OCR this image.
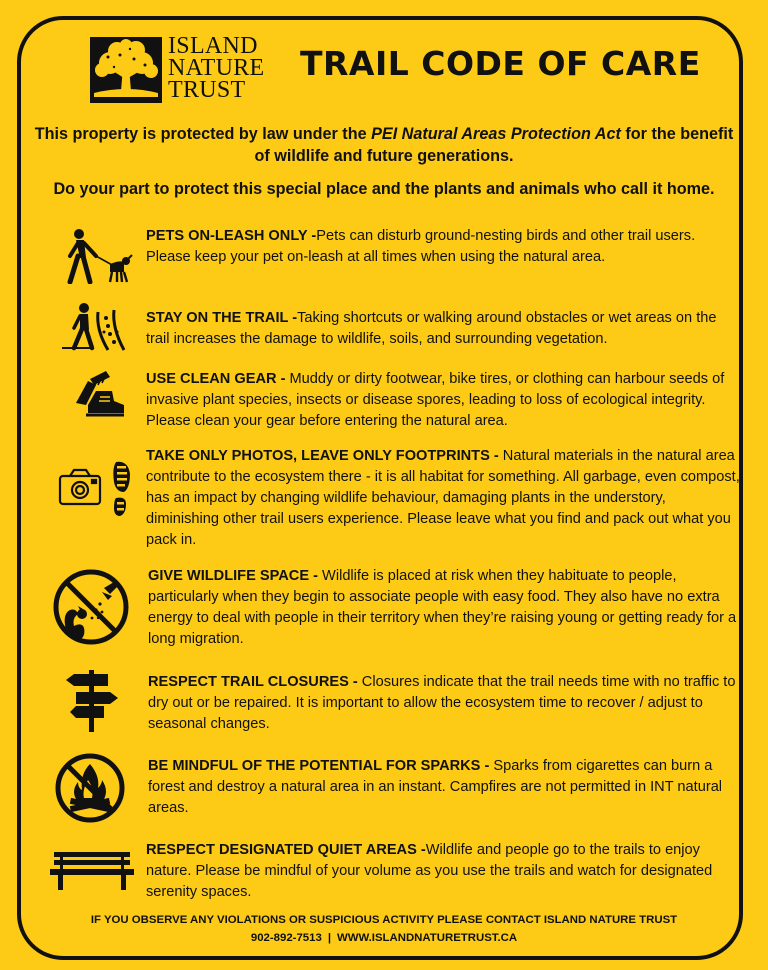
ISLAND
NATURE
TRUST
TRAIL CODE OF CARE
This property is protected by law under the PEI Natural Areas Protection Act for the benefit of wildlife and future generations.
Do your part to protect this special place and the plants and animals who call it home.
PETS ON-LEASH ONLY -Pets can disturb ground-nesting birds and other trail users. Please keep your pet on-leash at all times when using the natural area.
STAY ON THE TRAIL -Taking shortcuts or walking around obstacles or wet areas on the trail increases the damage to wildlife, soils, and surrounding vegetation.
USE CLEAN GEAR - Muddy or dirty footwear, bike tires, or clothing can harbour seeds of invasive plant species, insects or disease spores, leading to loss of ecological integrity. Please clean your gear before entering the natural area.
TAKE ONLY PHOTOS, LEAVE ONLY FOOTPRINTS - Natural materials in the natural area contribute to the ecosystem there - it is all habitat for something. All garbage, even compost, has an impact by changing wildlife behaviour, damaging plants in the understory, diminishing other trail users experience. Please leave what you find and pack out what you pack in.
GIVE WILDLIFE SPACE - Wildlife is placed at risk when they habituate to people, particularly when they begin to associate people with easy food. They also have no extra energy to deal with people in their territory when they’re raising young or getting ready for a long migration.
RESPECT TRAIL CLOSURES - Closures indicate that the trail needs time with no traffic to dry out or be repaired. It is important to allow the ecosystem time to recover / adjust to seasonal changes.
BE MINDFUL OF THE POTENTIAL FOR SPARKS - Sparks from cigarettes can burn a forest and destroy a natural area in an instant. Campfires are not permitted in INT natural areas.
RESPECT DESIGNATED QUIET AREAS -Wildlife and people go to the trails to enjoy nature. Please be mindful of your volume as you use the trails and watch for designated serenity spaces.
IF YOU OBSERVE ANY VIOLATIONS OR SUSPICIOUS ACTIVITY PLEASE CONTACT ISLAND NATURE TRUST
902-892-7513 | WWW.ISLANDNATURETRUST.CA
